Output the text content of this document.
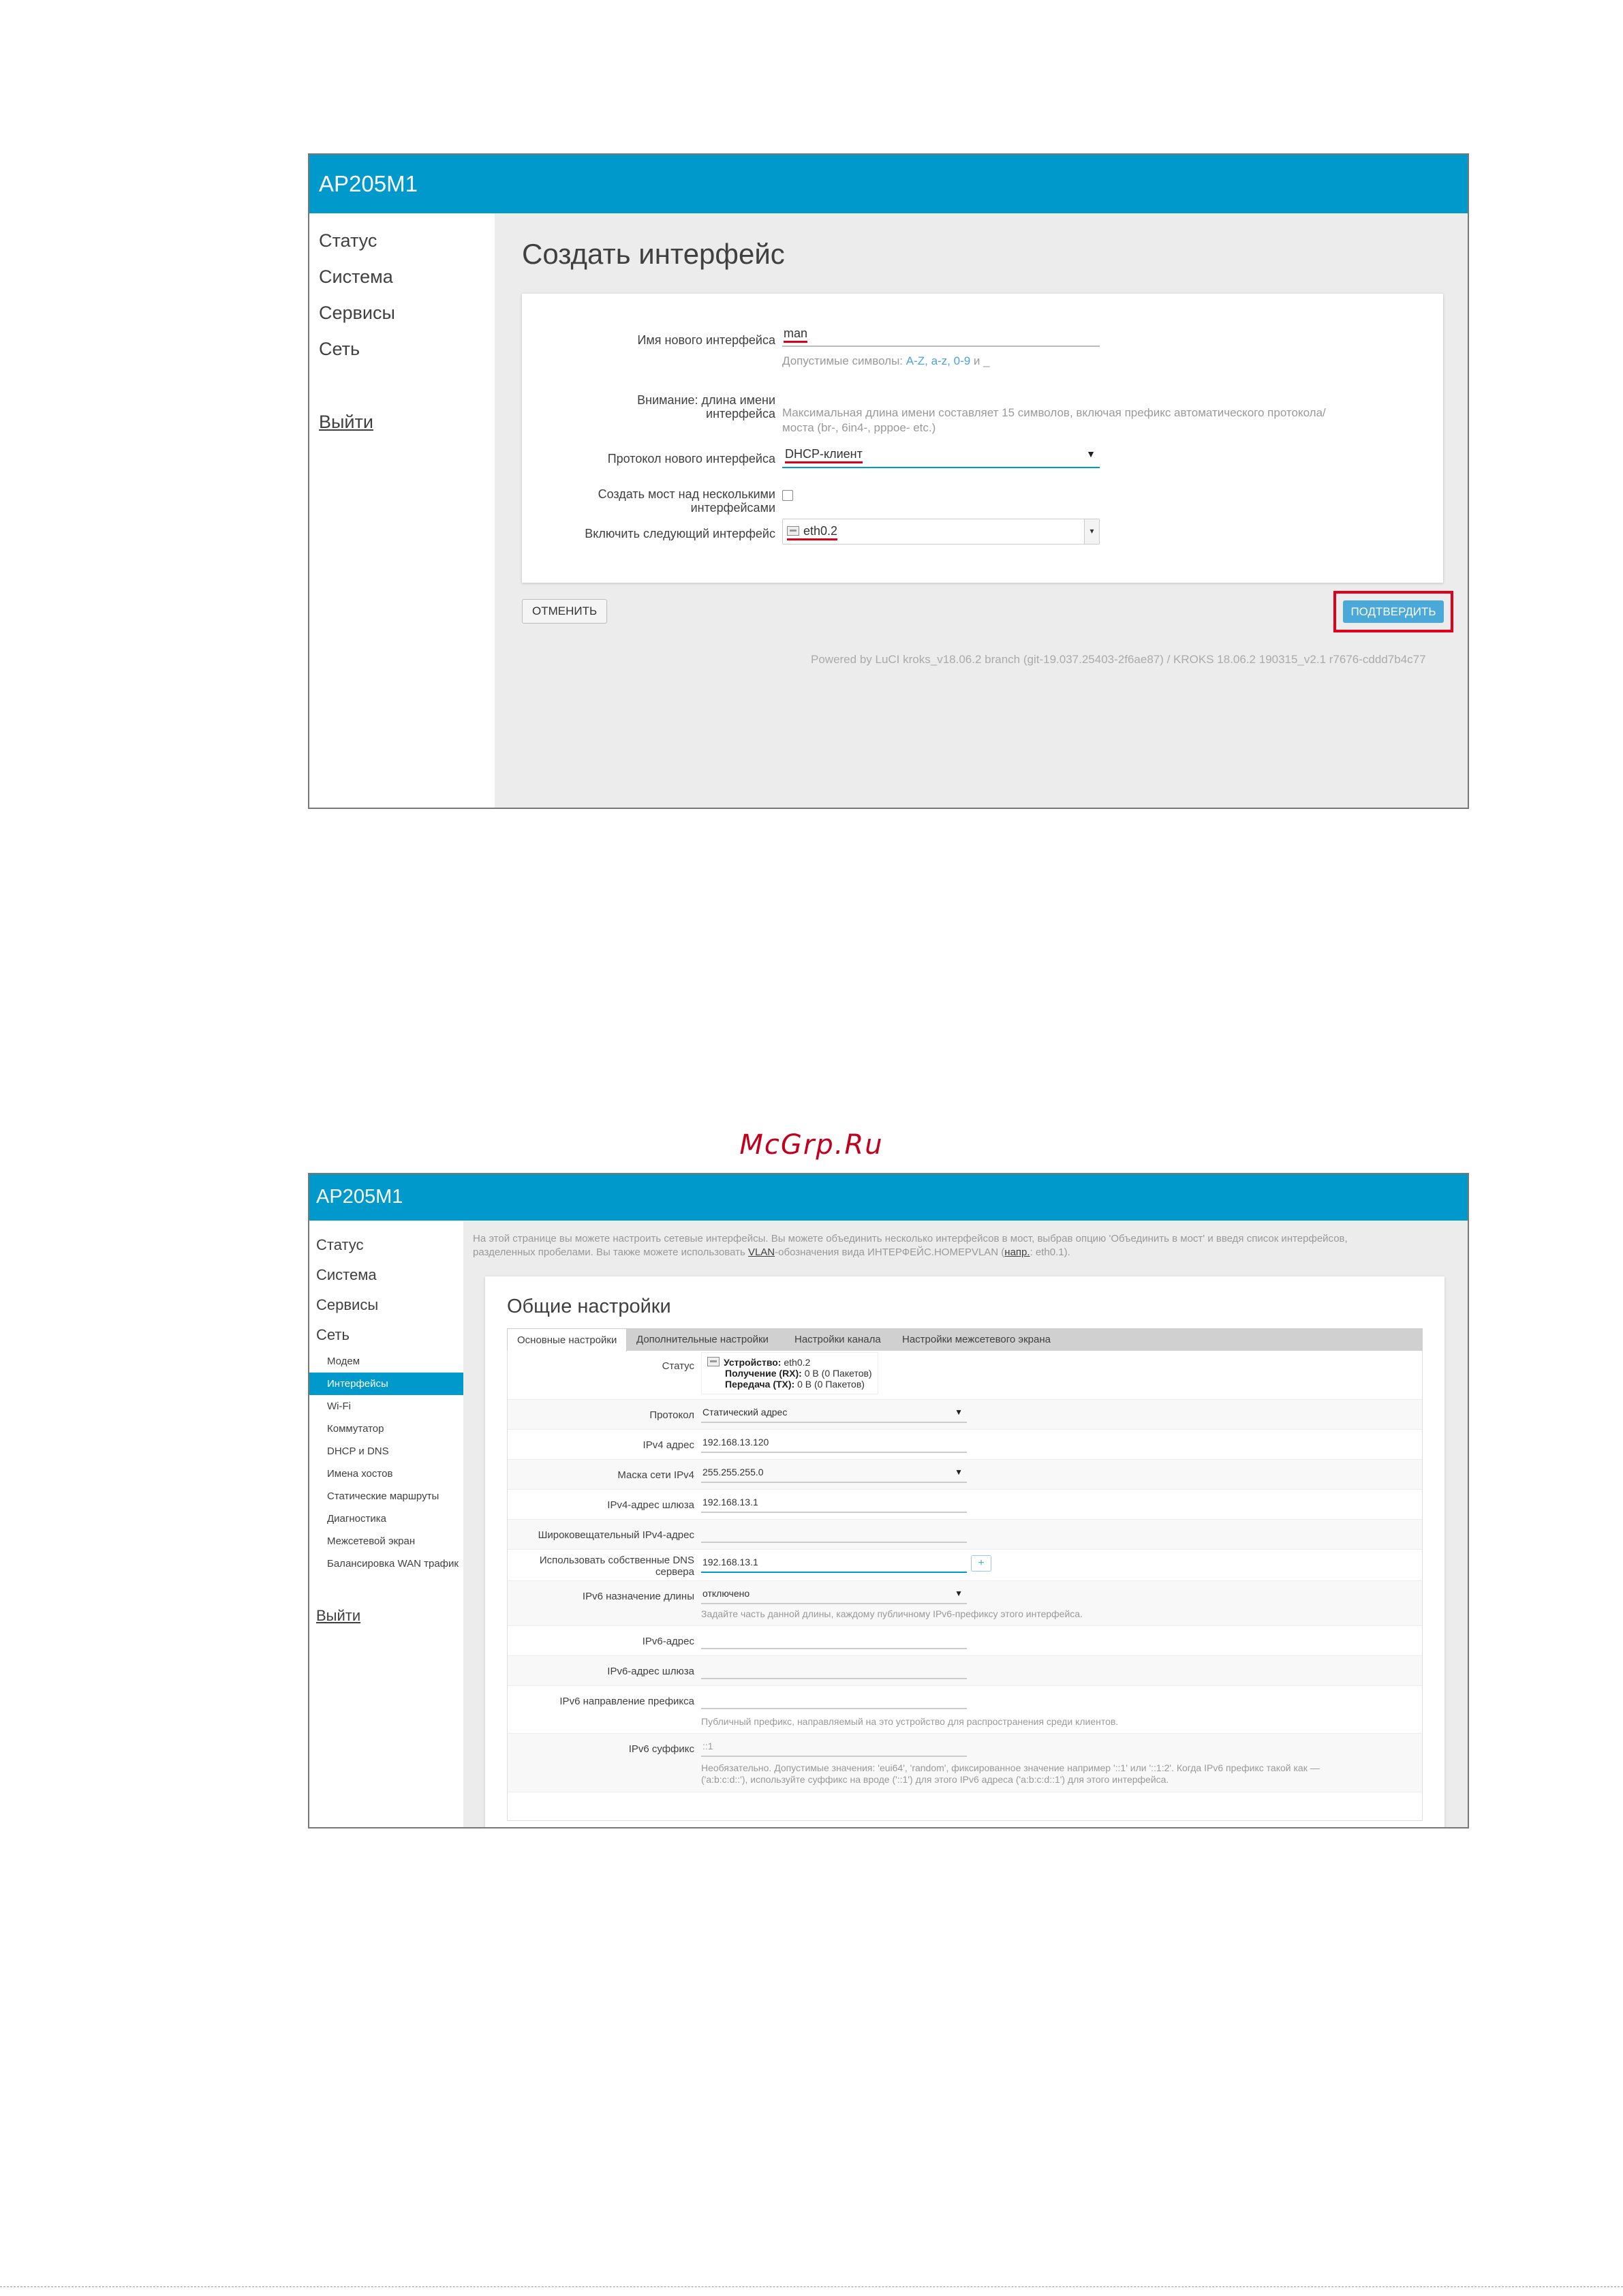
AP205M1
Статус
Система
Сервисы
Сеть
Выйти
Создать интерфейс
Имя нового интерфейса man
Допустимые символы: A-Z, a-z, 0-9 и _
Внимание: длина имени
интерфейса Максимальная длина имени составляет 15 символов, включая префикс автоматического протокола/
моста (br-, 6in4-, pppoe- etc.)
Протокол нового интерфейса DHCP-клиент	▼
Создать мост над несколькими
интерфейсами
Включить следующий интерфейс	eth0.2	▾
ОТМЕНИТЬ	ПОДТВЕРДИТЬ
Powered by LuCI kroks_v18.06.2 branch (git-19.037.25403-2f6ae87) / KROKS 18.06.2 190315_v2.1 r7676-cddd7b4c77
McGrp.Ru
AP205M1
Статус
Система
Сервисы
Сеть
Модем
Интерфейсы
Wi-Fi
Коммутатор
DHCP и DNS
Имена хостов
Статические маршруты
Диагностика
Межсетевой экран
Балансировка WAN трафик
Выйти
На этой странице вы можете настроить сетевые интерфейсы. Вы можете объединить несколько интерфейсов в мост, выбрав опцию 'Объединить в мост' и введя список интерфейсов,
разделенных пробелами. Вы также можете использовать VLAN-обозначения вида ИНТЕРФЕЙС.НОМЕРVLAN (напр.: eth0.1).
Общие настройки
Основные настройки	Дополнительные настройки	Настройки канала	Настройки межсетевого экрана
Статус	Устройство: eth0.2
Получение (RX): 0 В (0 Пакетов)
Передача (TX): 0 В (0 Пакетов)
Протокол Статический адрес	▼
IPv4 адрес 192.168.13.120
Маска сети IPv4 255.255.255.0	▼
IPv4-адрес шлюза 192.168.13.1
Широковещательный IPv4-адрес
Использовать собственные DNS
сервера
192.168.13.1	+
IPv6 назначение длины отключено	▼
Задайте часть данной длины, каждому публичному IPv6-префиксу этого интерфейса.
IPv6-адрес
IPv6-адрес шлюза
IPv6 направление префикса
Публичный префикс, направляемый на это устройство для распространения среди клиентов.
IPv6 суффикс ::1
Необязательно. Допустимые значения: 'eui64', 'random', фиксированное значение например '::1' или '::1:2'. Когда IPv6 префикс такой как —
('a:b:c:d::'), используйте суффикс на вроде ('::1') для этого IPv6 адреса ('a:b:c:d::1') для этого интерфейса.
